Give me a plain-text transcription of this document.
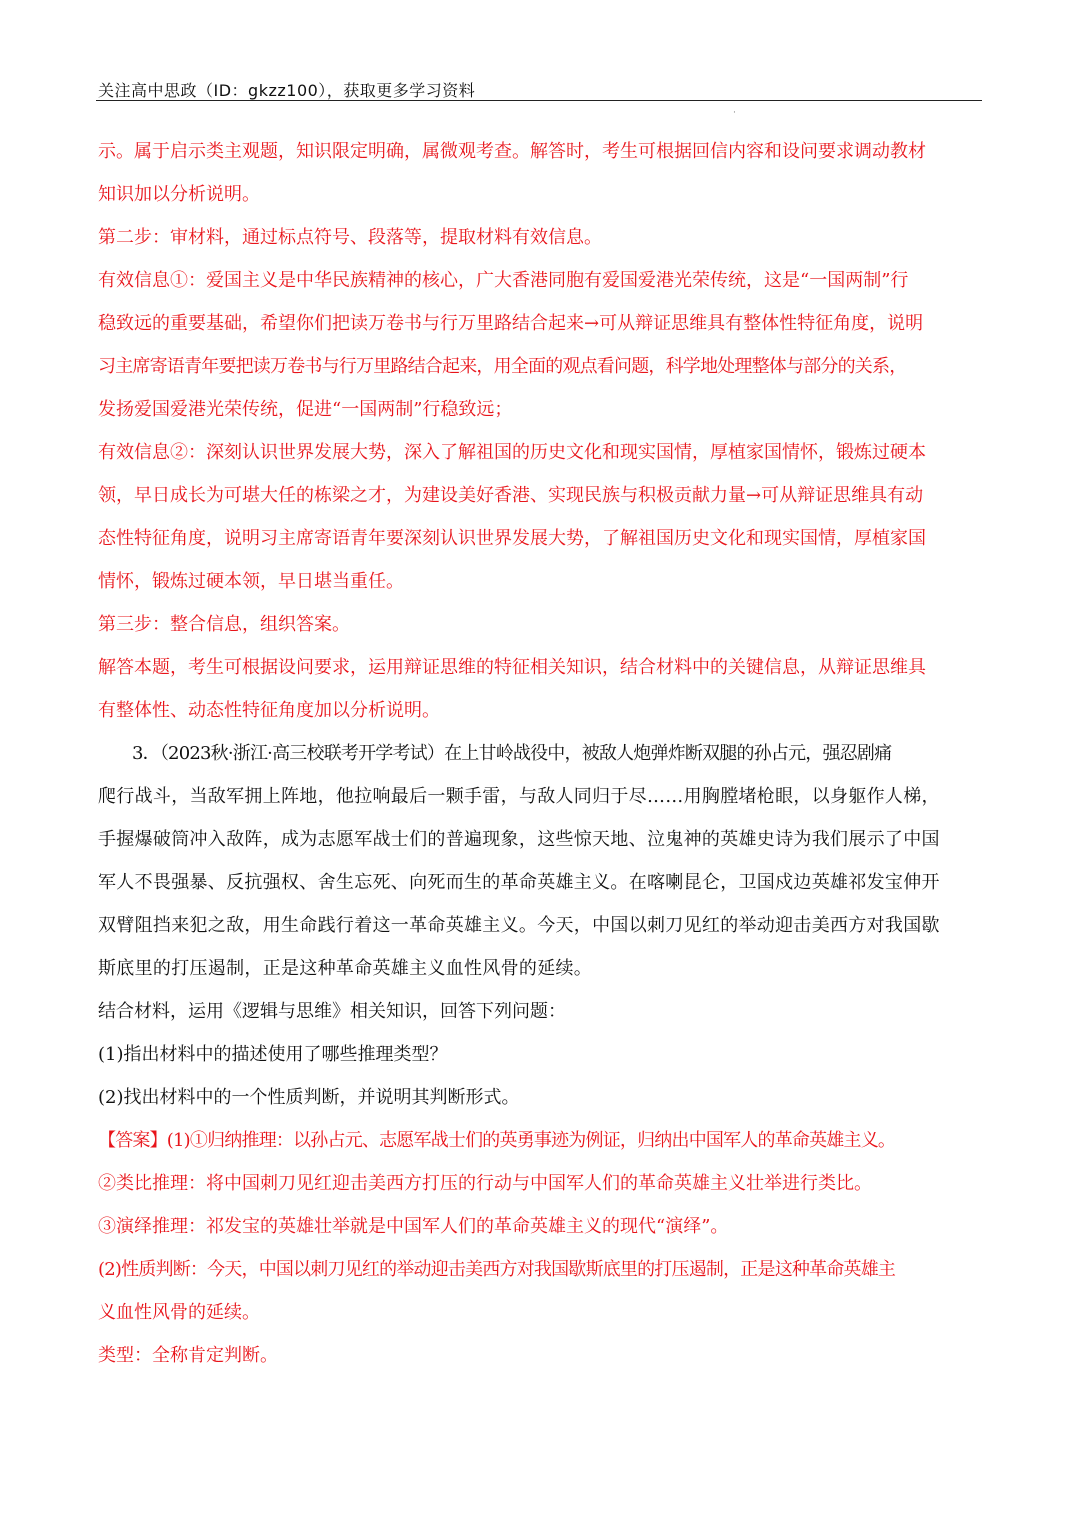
关注高中思政（ID：gkzz100），获取更多学习资料
·
示。属于启示类主观题，知识限定明确，属微观考查。解答时，考生可根据回信内容和设问要求调动教材
知识加以分析说明。
第二步：审材料，通过标点符号、段落等，提取材料有效信息。
有效信息①：爱国主义是中华民族精神的核心，广大香港同胞有爱国爱港光荣传统，这是“一国两制”行
稳致远的重要基础，希望你们把读万卷书与行万里路结合起来→可从辩证思维具有整体性特征角度，说明
习主席寄语青年要把读万卷书与行万里路结合起来，用全面的观点看问题，科学地处理整体与部分的关系，
发扬爱国爱港光荣传统，促进“一国两制”行稳致远；
有效信息②：深刻认识世界发展大势，深入了解祖国的历史文化和现实国情，厚植家国情怀，锻炼过硬本
领，早日成长为可堪大任的栋梁之才，为建设美好香港、实现民族与积极贡献力量→可从辩证思维具有动
态性特征角度，说明习主席寄语青年要深刻认识世界发展大势，了解祖国历史文化和现实国情，厚植家国
情怀，锻炼过硬本领，早日堪当重任。
第三步：整合信息，组织答案。
解答本题，考生可根据设问要求，运用辩证思维的特征相关知识，结合材料中的关键信息，从辩证思维具
有整体性、动态性特征角度加以分析说明。
3．（2023秋·浙江·高三校联考开学考试）在上甘岭战役中，被敌人炮弹炸断双腿的孙占元，强忍剧痛
爬行战斗，当敌军拥上阵地，他拉响最后一颗手雷，与敌人同归于尽……用胸膛堵枪眼，以身躯作人梯，
手握爆破筒冲入敌阵，成为志愿军战士们的普遍现象，这些惊天地、泣鬼神的英雄史诗为我们展示了中国
军人不畏强暴、反抗强权、舍生忘死、向死而生的革命英雄主义。在喀喇昆仑，卫国戍边英雄祁发宝伸开
双臂阻挡来犯之敌，用生命践行着这一革命英雄主义。今天，中国以刺刀见红的举动迎击美西方对我国歇
斯底里的打压遏制，正是这种革命英雄主义血性风骨的延续。
结合材料，运用《逻辑与思维》相关知识，回答下列问题：
(1)指出材料中的描述使用了哪些推理类型？
(2)找出材料中的一个性质判断，并说明其判断形式。
【答案】(1)①归纳推理：以孙占元、志愿军战士们的英勇事迹为例证，归纳出中国军人的革命英雄主义。
②类比推理：将中国刺刀见红迎击美西方打压的行动与中国军人们的革命英雄主义壮举进行类比。
③演绎推理：祁发宝的英雄壮举就是中国军人们的革命英雄主义的现代“演绎”。
(2)性质判断：今天，中国以刺刀见红的举动迎击美西方对我国歇斯底里的打压遏制，正是这种革命英雄主
义血性风骨的延续。
类型：全称肯定判断。
